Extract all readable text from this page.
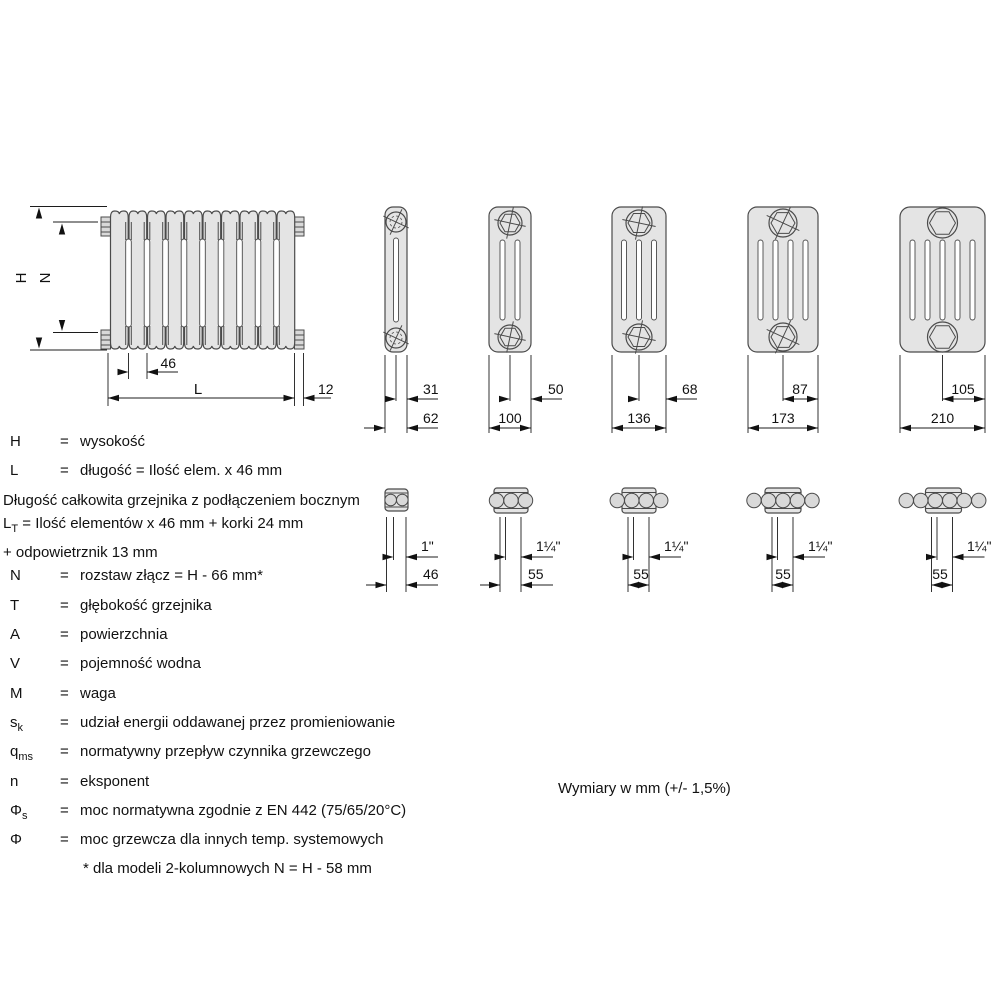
H N
46
L	12	31
62
50
100
68
136
87
173
105
210
1"
46
1¼"
55
1¼"
55
1¼"
55
1¼"
55
H	= wysokość
L	= długość = Ilość elem. x 46 mm
Długość całkowita grzejnika z podłączeniem bocznym
$L_T$ = Ilość elementów x 46 mm + korki 24 mm
+ odpowietrznik 13 mm
N	= rozstaw złącz = H - 66 mm*
T	= głębokość grzejnika
A	= powierzchnia
V	= pojemność wodna
M	= waga
$s_k$	= udział energii oddawanej przez promieniowanie
$q_{ms}$	= normatywny przepływ czynnika grzewczego
n	= eksponent
$\Phi_s$	= moc normatywna zgodnie z EN 442 (75/65/20°C)
Φ	= moc grzewcza dla innych temp. systemowych
* dla modeli 2-kolumnowych N = H - 58 mm
Wymiary w mm (+/- 1,5%)
